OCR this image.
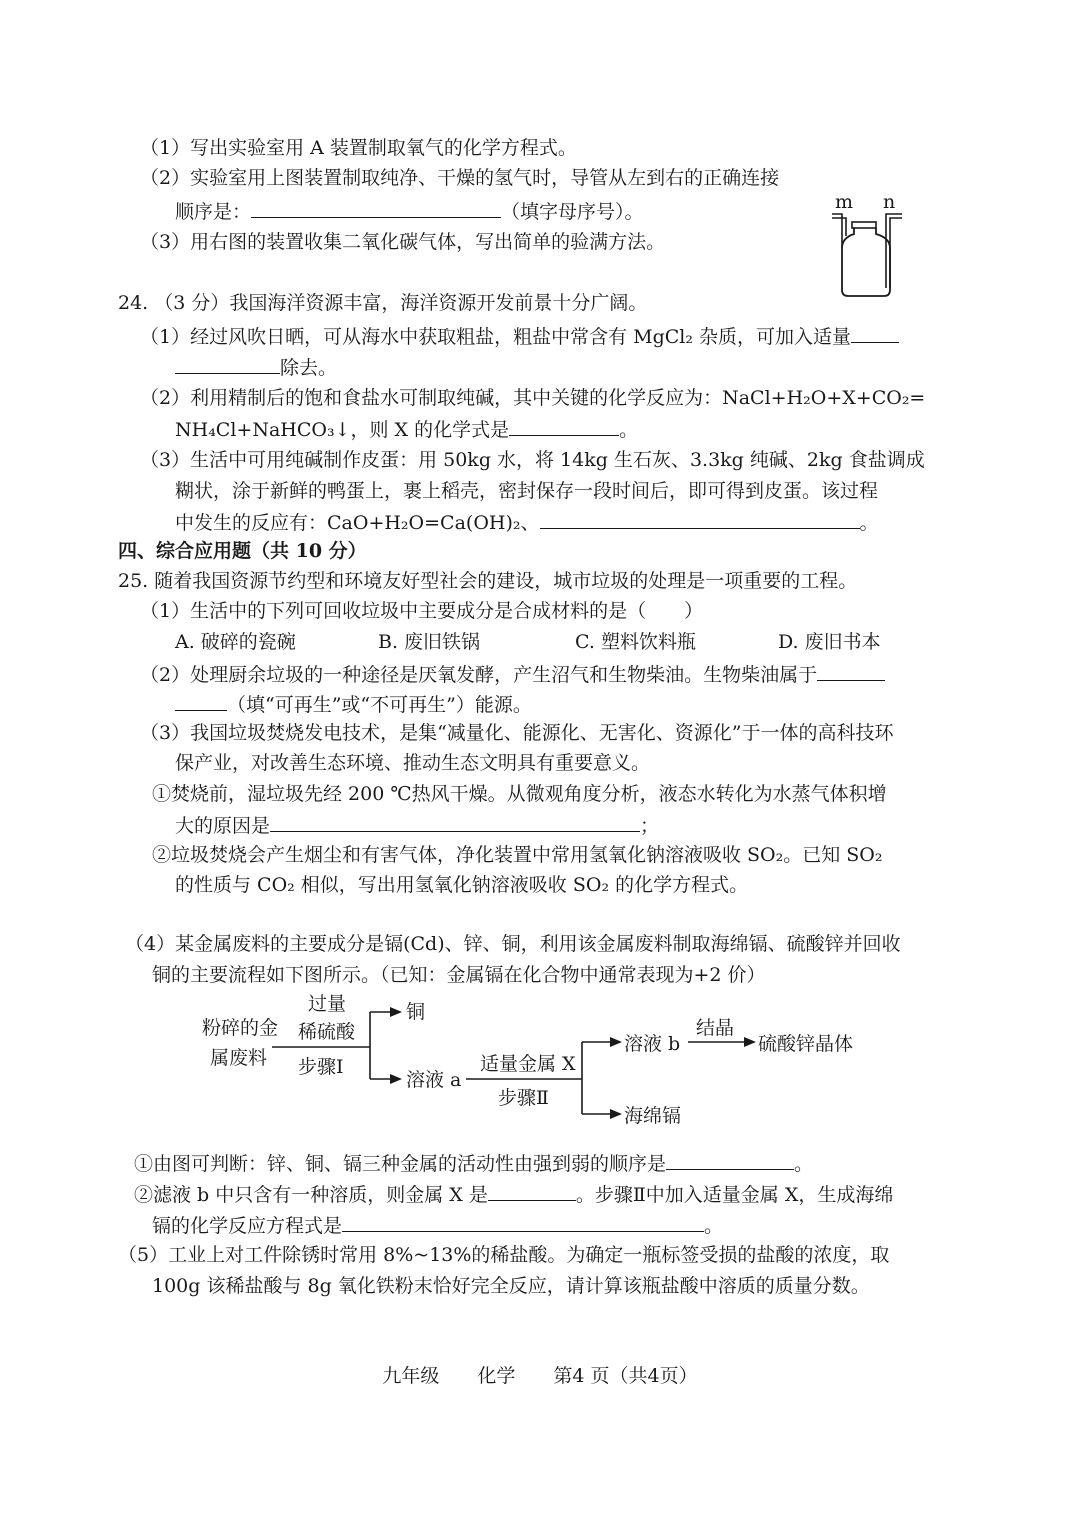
（1）写出实验室用 A 装置制取氧气的化学方程式。
（2）实验室用上图装置制取纯净、干燥的氢气时，导管从左到右的正确连接
顺序是：	（填字母序号）。
（3）用右图的装置收集二氧化碳气体，写出简单的验满方法。
m n
24. （3 分）我国海洋资源丰富，海洋资源开发前景十分广阔。
（1）经过风吹日晒，可从海水中获取粗盐，粗盐中常含有 MgCl₂ 杂质，可加入适量
除去。
（2）利用精制后的饱和食盐水可制取纯碱，其中关键的化学反应为：NaCl+H₂O+X+CO₂=
NH₄Cl+NaHCO₃↓，则 X 的化学式是	。
（3）生活中可用纯碱制作皮蛋：用 50kg 水，将 14kg 生石灰、3.3kg 纯碱、2kg 食盐调成
糊状，涂于新鲜的鸭蛋上，裹上稻壳，密封保存一段时间后，即可得到皮蛋。该过程
中发生的反应有：CaO+H₂O=Ca(OH)₂、	。
四、综合应用题（共 10 分）
25. 随着我国资源节约型和环境友好型社会的建设，城市垃圾的处理是一项重要的工程。
（1）生活中的下列可回收垃圾中主要成分是合成材料的是（　　）
A. 破碎的瓷碗	B. 废旧铁锅	C. 塑料饮料瓶	D. 废旧书本
（2）处理厨余垃圾的一种途径是厌氧发酵，产生沼气和生物柴油。生物柴油属于
（填“可再生”或“不可再生”）能源。
（3）我国垃圾焚烧发电技术，是集“减量化、能源化、无害化、资源化”于一体的高科技环
保产业，对改善生态环境、推动生态文明具有重要意义。
①焚烧前，湿垃圾先经 200 ℃热风干燥。从微观角度分析，液态水转化为水蒸气体积增
大的原因是	；
②垃圾焚烧会产生烟尘和有害气体，净化装置中常用氢氧化钠溶液吸收 SO₂。已知 SO₂
的性质与 CO₂ 相似，写出用氢氧化钠溶液吸收 SO₂ 的化学方程式。
（4）某金属废料的主要成分是镉(Cd)、锌、铜，利用该金属废料制取海绵镉、硫酸锌并回收
铜的主要流程如下图所示。（已知：金属镉在化合物中通常表现为+2 价）
粉碎的金
属废料
过量
稀硫酸
步骤Ⅰ
铜
溶液 a
适量金属 X
步骤Ⅱ
溶液 b
结晶
硫酸锌晶体
海绵镉
①由图可判断：锌、铜、镉三种金属的活动性由强到弱的顺序是	。
②滤液 b 中只含有一种溶质，则金属 X 是	。步骤Ⅱ中加入适量金属 X，生成海绵
镉的化学反应方程式是	。
（5）工业上对工件除锈时常用 8%~13%的稀盐酸。为确定一瓶标签受损的盐酸的浓度，取
100g 该稀盐酸与 8g 氧化铁粉末恰好完全反应，请计算该瓶盐酸中溶质的质量分数。
九年级　　化学　　第4 页（共4页）
